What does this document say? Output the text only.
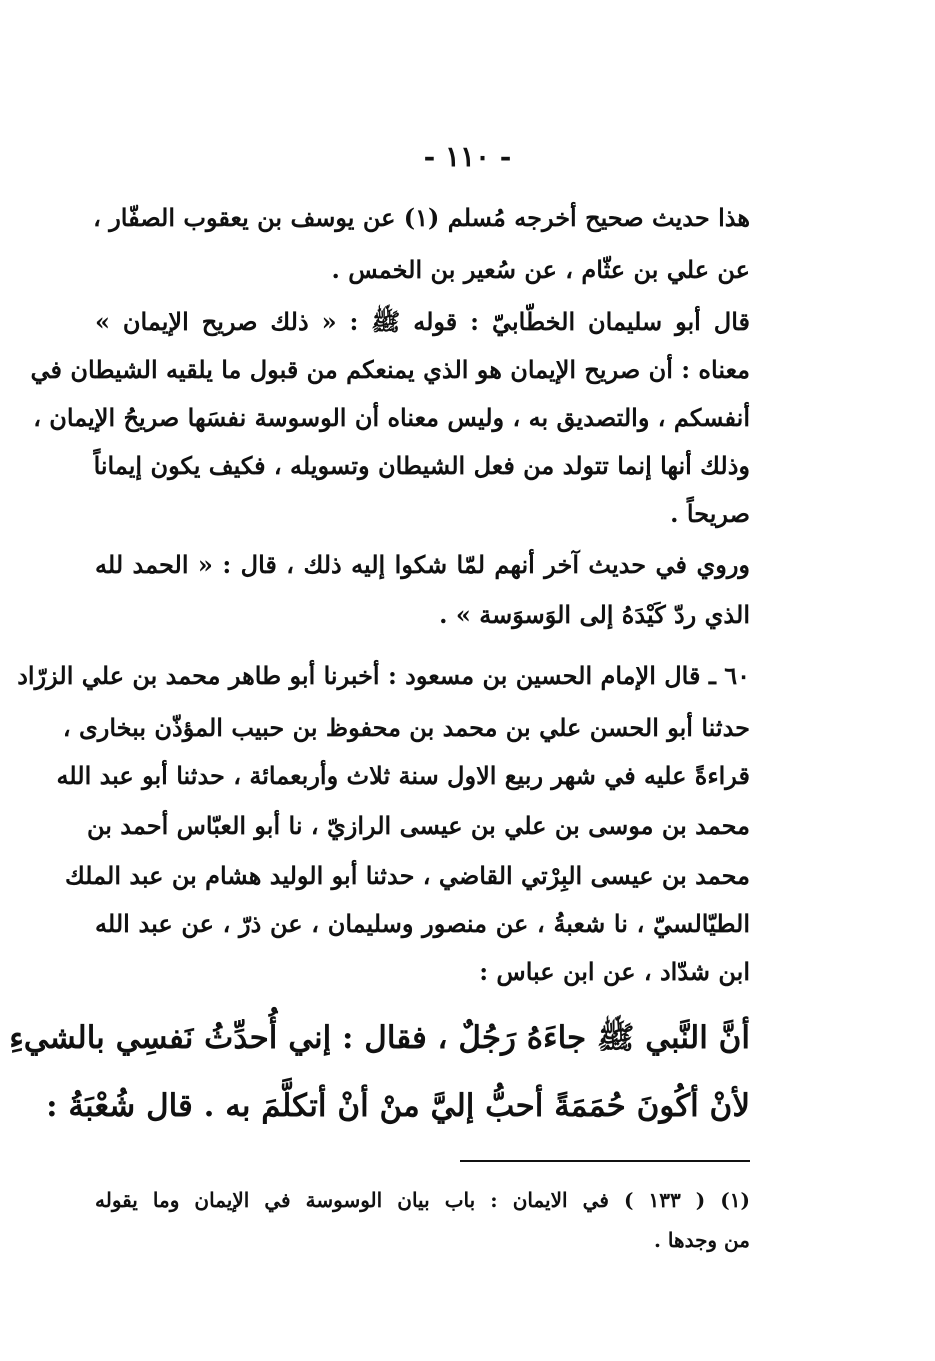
- ١١٠ -
هذا حديث صحيح أخرجه مُسلم (١) عن يوسف بن يعقوب الصفّار ،
عن علي بن عثّام ، عن سُعير بن الخمس .
قال أبو سليمان الخطّابيّ : قوله ﷺ : « ذلك صريح الإيمان »
معناه : أن صريح الإيمان هو الذي يمنعكم من قبول ما يلقيه الشيطان في
أنفسكم ، والتصديق به ، وليس معناه أن الوسوسة نفسَها صريحُ الإيمان ،
وذلك أنها إنما تتولد من فعل الشيطان وتسويله ، فكيف يكون إيماناً
صريحاً .
وروي في حديث آخر أنهم لمّا شكوا إليه ذلك ، قال : « الحمد لله
الذي ردّ كَيْدَهُ إلى الوَسوَسة » .
٦٠ ـ قال الإمام الحسين بن مسعود : أخبرنا أبو طاهر محمد بن علي الزرّاد
حدثنا أبو الحسن علي بن محمد بن محفوظ بن حبيب المؤذّن ببخارى ،
قراءةً عليه في شهر ربيع الاول سنة ثلاث وأربعمائة ، حدثنا أبو عبد الله
محمد بن موسى بن علي بن عيسى الرازيّ ، نا أبو العبّاس أحمد بن
محمد بن عيسى البِرْتي القاضي ، حدثنا أبو الوليد هشام بن عبد الملك
الطيّالسيّ ، نا شعبةُ ، عن منصور وسليمان ، عن ذرّ ، عن عبد الله
ابن شدّاد ، عن ابن عباس :
أنَّ النَّبي ﷺ جاءَهُ رَجُلٌ ، فقال : إني أُحدِّثُ نَفسِي بالشيءِ
لأنْ أكُونَ حُمَمَةً أحبُّ إليَّ منْ أنْ أتكلَّمَ به . قال شُعْبَةُ :
(١) ( ١٣٣ ) في الايمان : باب بيان الوسوسة في الإيمان وما يقوله
من وجدها .
